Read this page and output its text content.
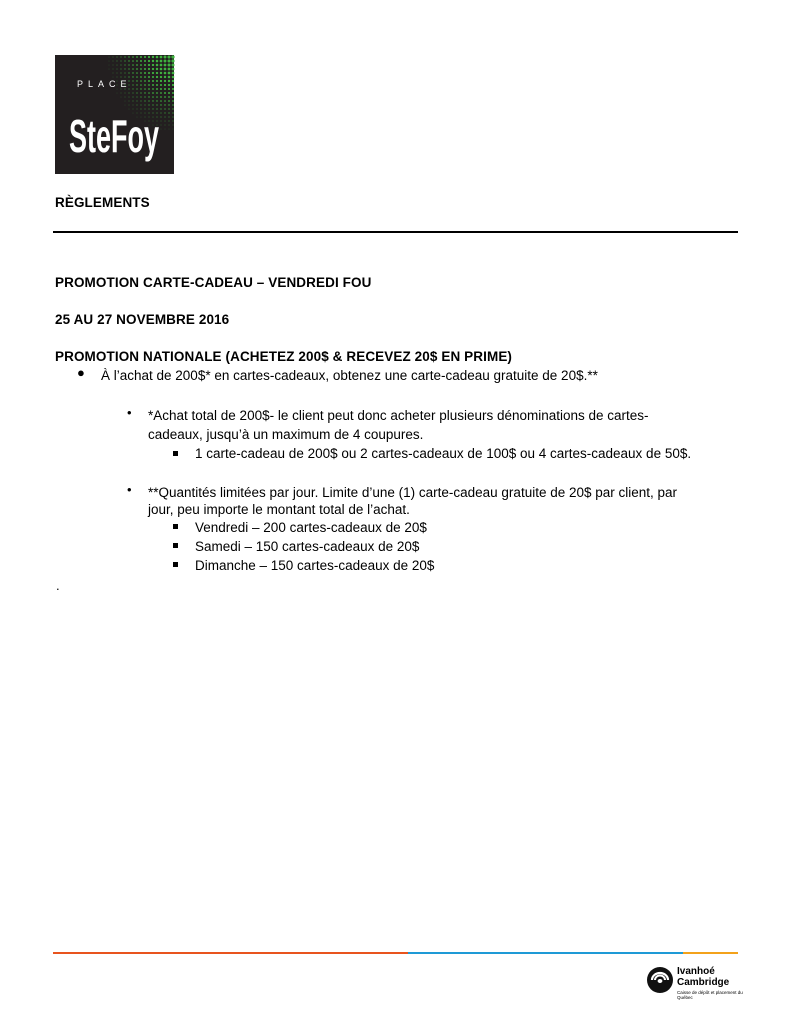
PLACE
SteFoy
RÈGLEMENTS
PROMOTION CARTE-CADEAU – VENDREDI FOU
25 AU 27 NOVEMBRE 2016
PROMOTION NATIONALE (ACHETEZ 200$ & RECEVEZ 20$ EN PRIME)
● À l’achat de 200$* en cartes-cadeaux, obtenez une carte-cadeau gratuite de 20$.**
• *Achat total de 200$- le client peut donc acheter plusieurs dénominations de cartes-
cadeaux, jusqu’à un maximum de 4 coupures.
1 carte-cadeau de 200$ ou 2 cartes-cadeaux de 100$ ou 4 cartes-cadeaux de 50$.
• **Quantités limitées par jour. Limite d’une (1) carte-cadeau gratuite de 20$ par client, par
jour, peu importe le montant total de l’achat.
Vendredi – 200 cartes-cadeaux de 20$
Samedi – 150 cartes-cadeaux de 20$
Dimanche – 150 cartes-cadeaux de 20$
.
Ivanhoé
Cambridge
Caisse de dépôt et placement du Québec
